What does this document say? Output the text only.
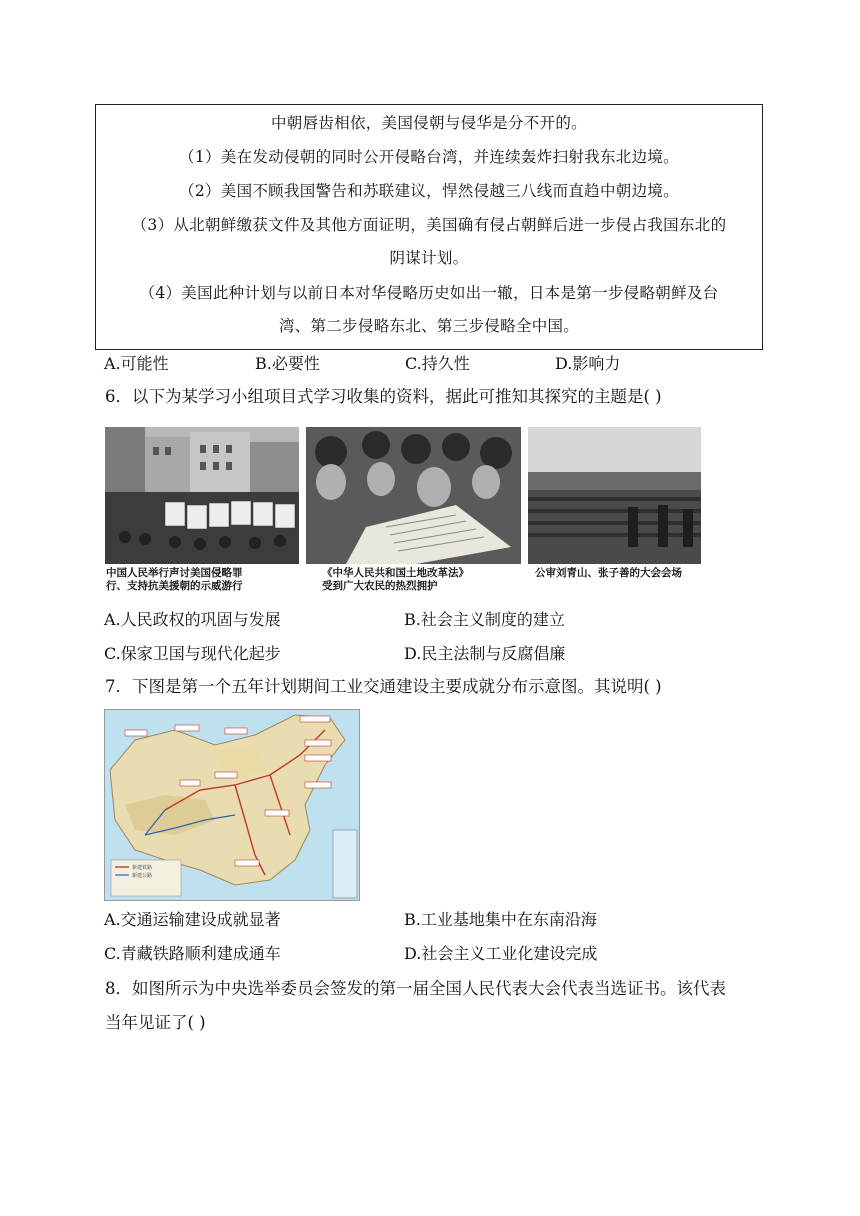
中朝唇齿相依，美国侵朝与侵华是分不开的。
（1）美在发动侵朝的同时公开侵略台湾，并连续轰炸扫射我东北边境。
（2）美国不顾我国警告和苏联建议，悍然侵越三八线而直趋中朝边境。
（3）从北朝鲜缴获文件及其他方面证明，美国确有侵占朝鲜后进一步侵占我国东北的
阴谋计划。
（4）美国此种计划与以前日本对华侵略历史如出一辙，日本是第一步侵略朝鲜及台
湾、第二步侵略东北、第三步侵略全中国。
A.可能性	B.必要性	C.持久性	D.影响力
6．以下为某学习小组项目式学习收集的资料，据此可推知其探究的主题是( )
中国人民举行声讨美国侵略罪
行、支持抗美援朝的示威游行
《中华人民共和国土地改革法》
受到广大农民的热烈拥护
公审刘青山、张子善的大会会场
A.人民政权的巩固与发展	B.社会主义制度的建立
C.保家卫国与现代化起步	D.民主法制与反腐倡廉
7．下图是第一个五年计划期间工业交通建设主要成就分布示意图。其说明( )
新建铁路
新建公路
A.交通运输建设成就显著	B.工业基地集中在东南沿海
C.青藏铁路顺利建成通车	D.社会主义工业化建设完成
8．如图所示为中央选举委员会签发的第一届全国人民代表大会代表当选证书。该代表
当年见证了( )
